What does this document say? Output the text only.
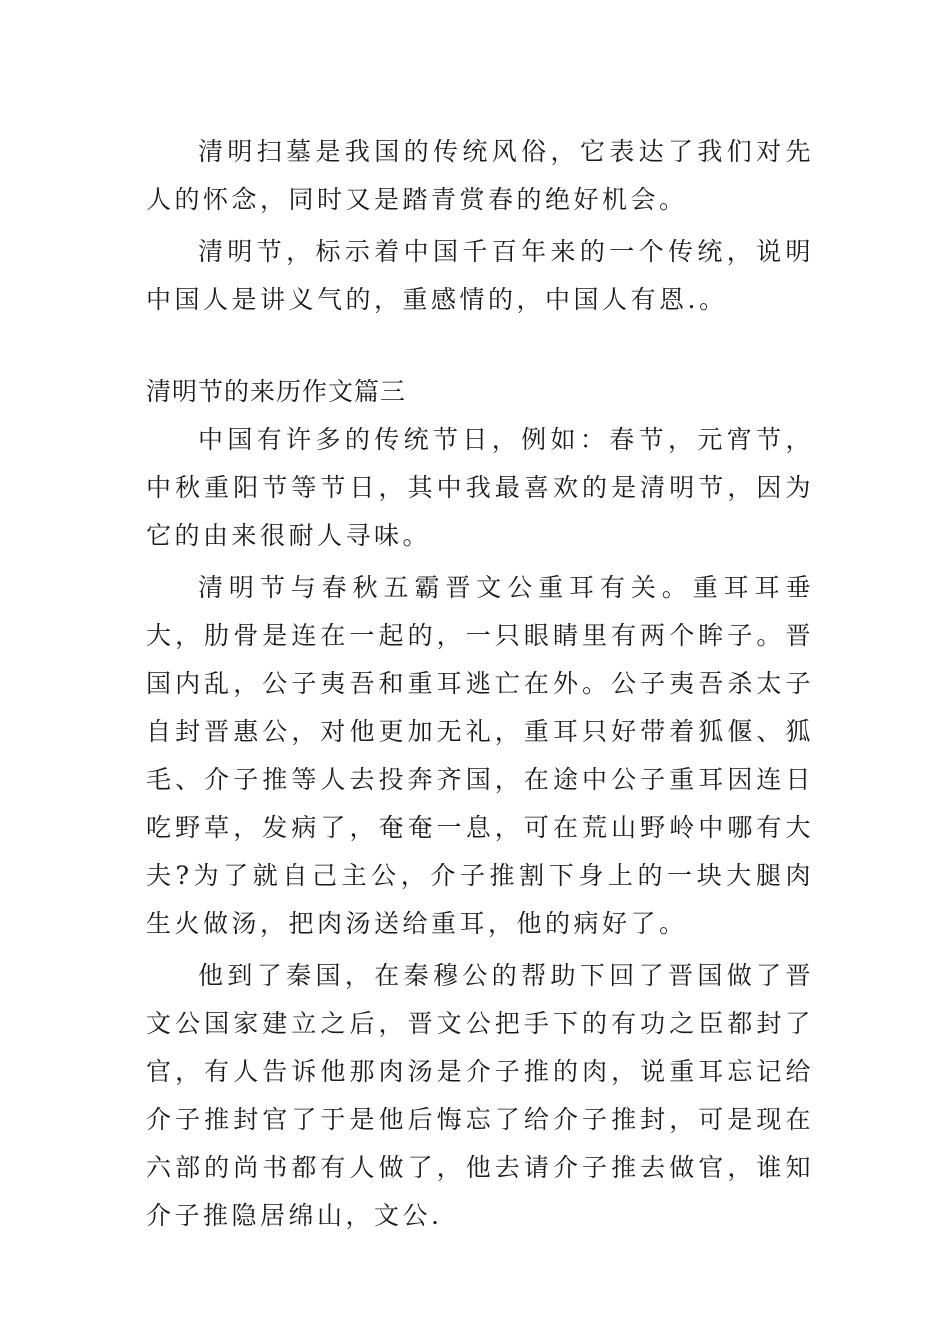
清明扫墓是我国的传统风俗，它表达了我们对先人的怀念，同时又是踏青赏春的绝好机会。

清明节，标示着中国千百年来的一个传统，说明中国人是讲义气的，重感情的，中国人有恩.。

清明节的来历作文篇三

中国有许多的传统节日，例如：春节，元宵节，中秋重阳节等节日，其中我最喜欢的是清明节，因为它的由来很耐人寻味。

清明节与春秋五霸晋文公重耳有关。重耳耳垂大，肋骨是连在一起的，一只眼睛里有两个眸子。晋国内乱，公子夷吾和重耳逃亡在外。公子夷吾杀太子自封晋惠公，对他更加无礼，重耳只好带着狐偃、狐毛、介子推等人去投奔齐国，在途中公子重耳因连日吃野草，发病了，奄奄一息，可在荒山野岭中哪有大夫?为了就自己主公，介子推割下身上的一块大腿肉生火做汤，把肉汤送给重耳，他的病好了。

他到了秦国，在秦穆公的帮助下回了晋国做了晋文公国家建立之后，晋文公把手下的有功之臣都封了官，有人告诉他那肉汤是介子推的肉，说重耳忘记给介子推封官了于是他后悔忘了给介子推封，可是现在六部的尚书都有人做了，他去请介子推去做官，谁知介子推隐居绵山，文公.
